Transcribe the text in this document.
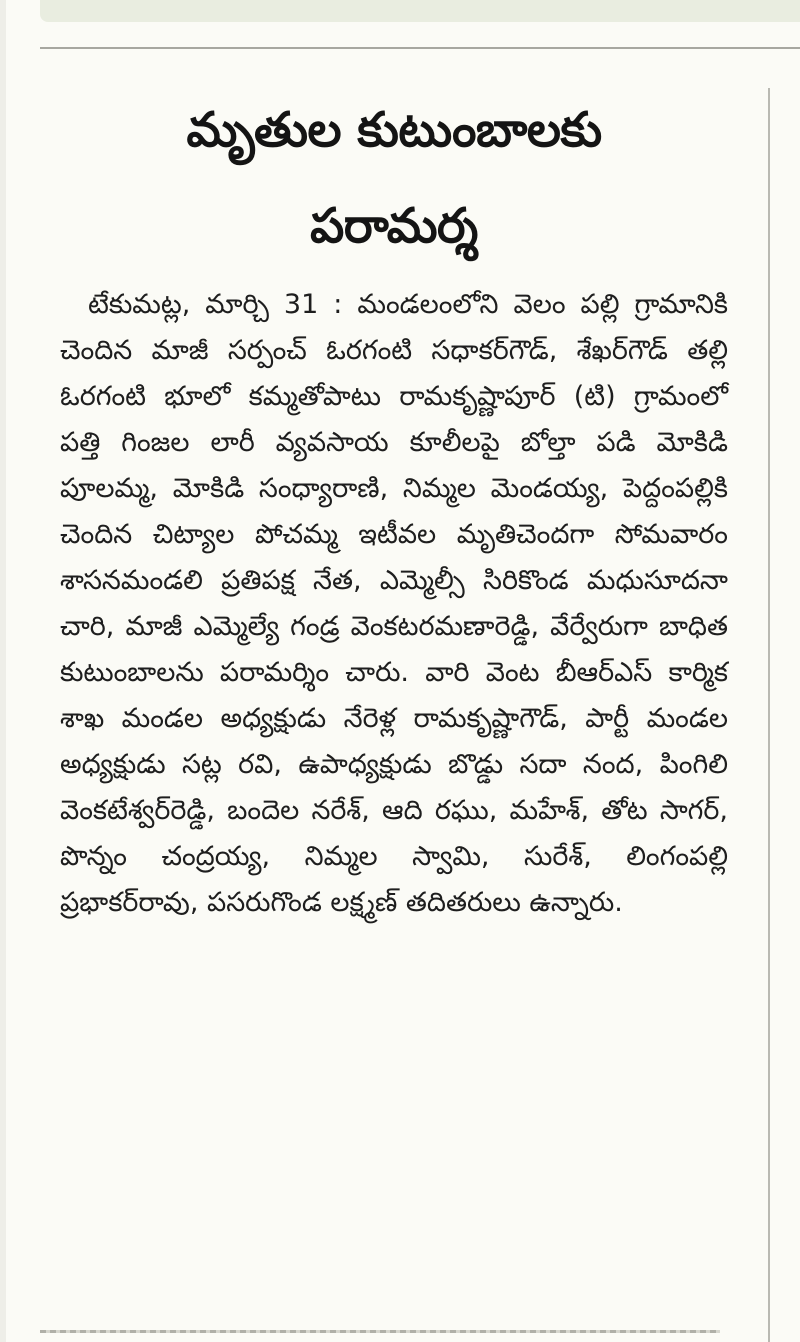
మృతుల కుటుంబాలకు
పరామర్శ

టేకుమట్ల, మార్చి 31 : మండలంలోని వెలం పల్లి గ్రామానికి చెందిన మాజీ సర్పంచ్ ఓరగంటి సధాకర్‌గౌడ్, శేఖర్‌గౌడ్ తల్లి ఓరగంటి భూలో కమ్మతోపాటు రామకృష్ణాపూర్ (టి) గ్రామంలో పత్తి గింజల లారీ వ్యవసాయ కూలీలపై బోల్తా పడి మోకిడి పూలమ్మ, మోకిడి సంధ్యారాణి, నిమ్మల మెండయ్య, పెద్దంపల్లికి చెందిన చిట్యాల పోచమ్మ ఇటీవల మృతిచెందగా సోమవారం శాసనమండలి ప్రతిపక్ష నేత, ఎమ్మెల్సీ సిరికొండ మధుసూదనా చారి, మాజీ ఎమ్మెల్యే గండ్ర వెంకటరమణారెడ్డి, వేర్వేరుగా బాధిత కుటుంబాలను పరామర్శిం చారు. వారి వెంట బీఆర్ఎస్ కార్మిక శాఖ మండల అధ్యక్షుడు నేరెళ్ల రామకృష్ణాగౌడ్, పార్టీ మండల అధ్యక్షుడు సట్ల రవి, ఉపాధ్యక్షుడు బొడ్డు సదా నంద, పింగిలి వెంకటేశ్వర్‌రెడ్డి, బందెల నరేశ్, ఆది రఘు, మహేశ్, తోట సాగర్, పొన్నం చంద్రయ్య, నిమ్మల స్వామి, సురేశ్, లింగంపల్లి ప్రభాకర్‌రావు, పసరుగొండ లక్ష్మణ్ తదితరులు ఉన్నారు.
